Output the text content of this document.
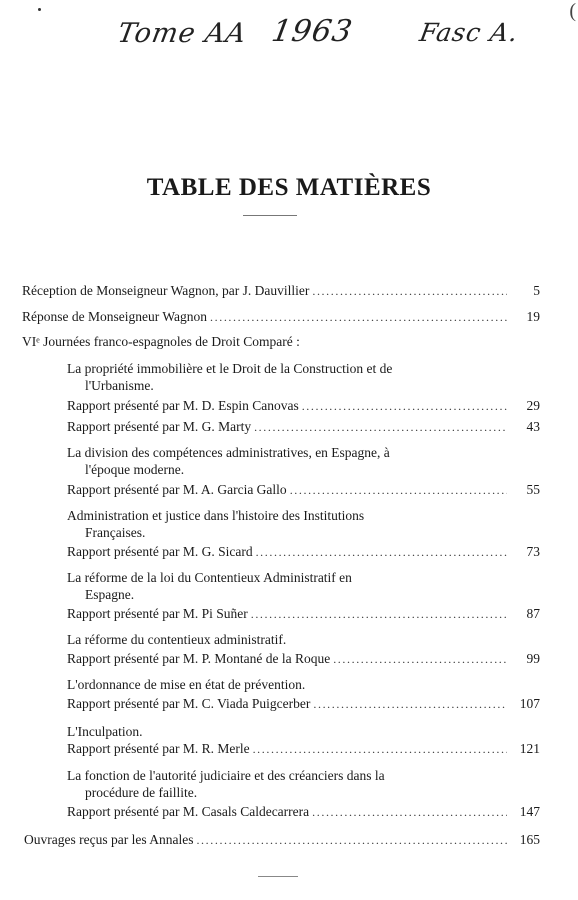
Tome AA 1963 Fasc A.
(
TABLE DES MATIÈRES
Réception de Monseigneur Wagnon, par J. Dauvillier .....	5
Réponse de Monseigneur Wagnon .....	19
VIᵉ Journées franco-espagnoles de Droit Comparé :
La propriété immobilière et le Droit de la Construction et de
l'Urbanisme.
Rapport présenté par M. D. Espin Canovas .....	29
Rapport présenté par M. G. Marty .....	43
La division des compétences administratives, en Espagne, à
l'époque moderne.
Rapport présenté par M. A. Garcia Gallo .....	55
Administration et justice dans l'histoire des Institutions
Françaises.
Rapport présenté par M. G. Sicard .....	73
La réforme de la loi du Contentieux Administratif en
Espagne.
Rapport présenté par M. Pi Suñer .....	87
La réforme du contentieux administratif.
Rapport présenté par M. P. Montané de la Roque .....	99
L'ordonnance de mise en état de prévention.
Rapport présenté par M. C. Viada Puigcerber .....	107
L'Inculpation.
Rapport présenté par M. R. Merle .....	121
La fonction de l'autorité judiciaire et des créanciers dans la
procédure de faillite.
Rapport présenté par M. Casals Caldecarrera .....	147
Ouvrages reçus par les Annales .....	165
